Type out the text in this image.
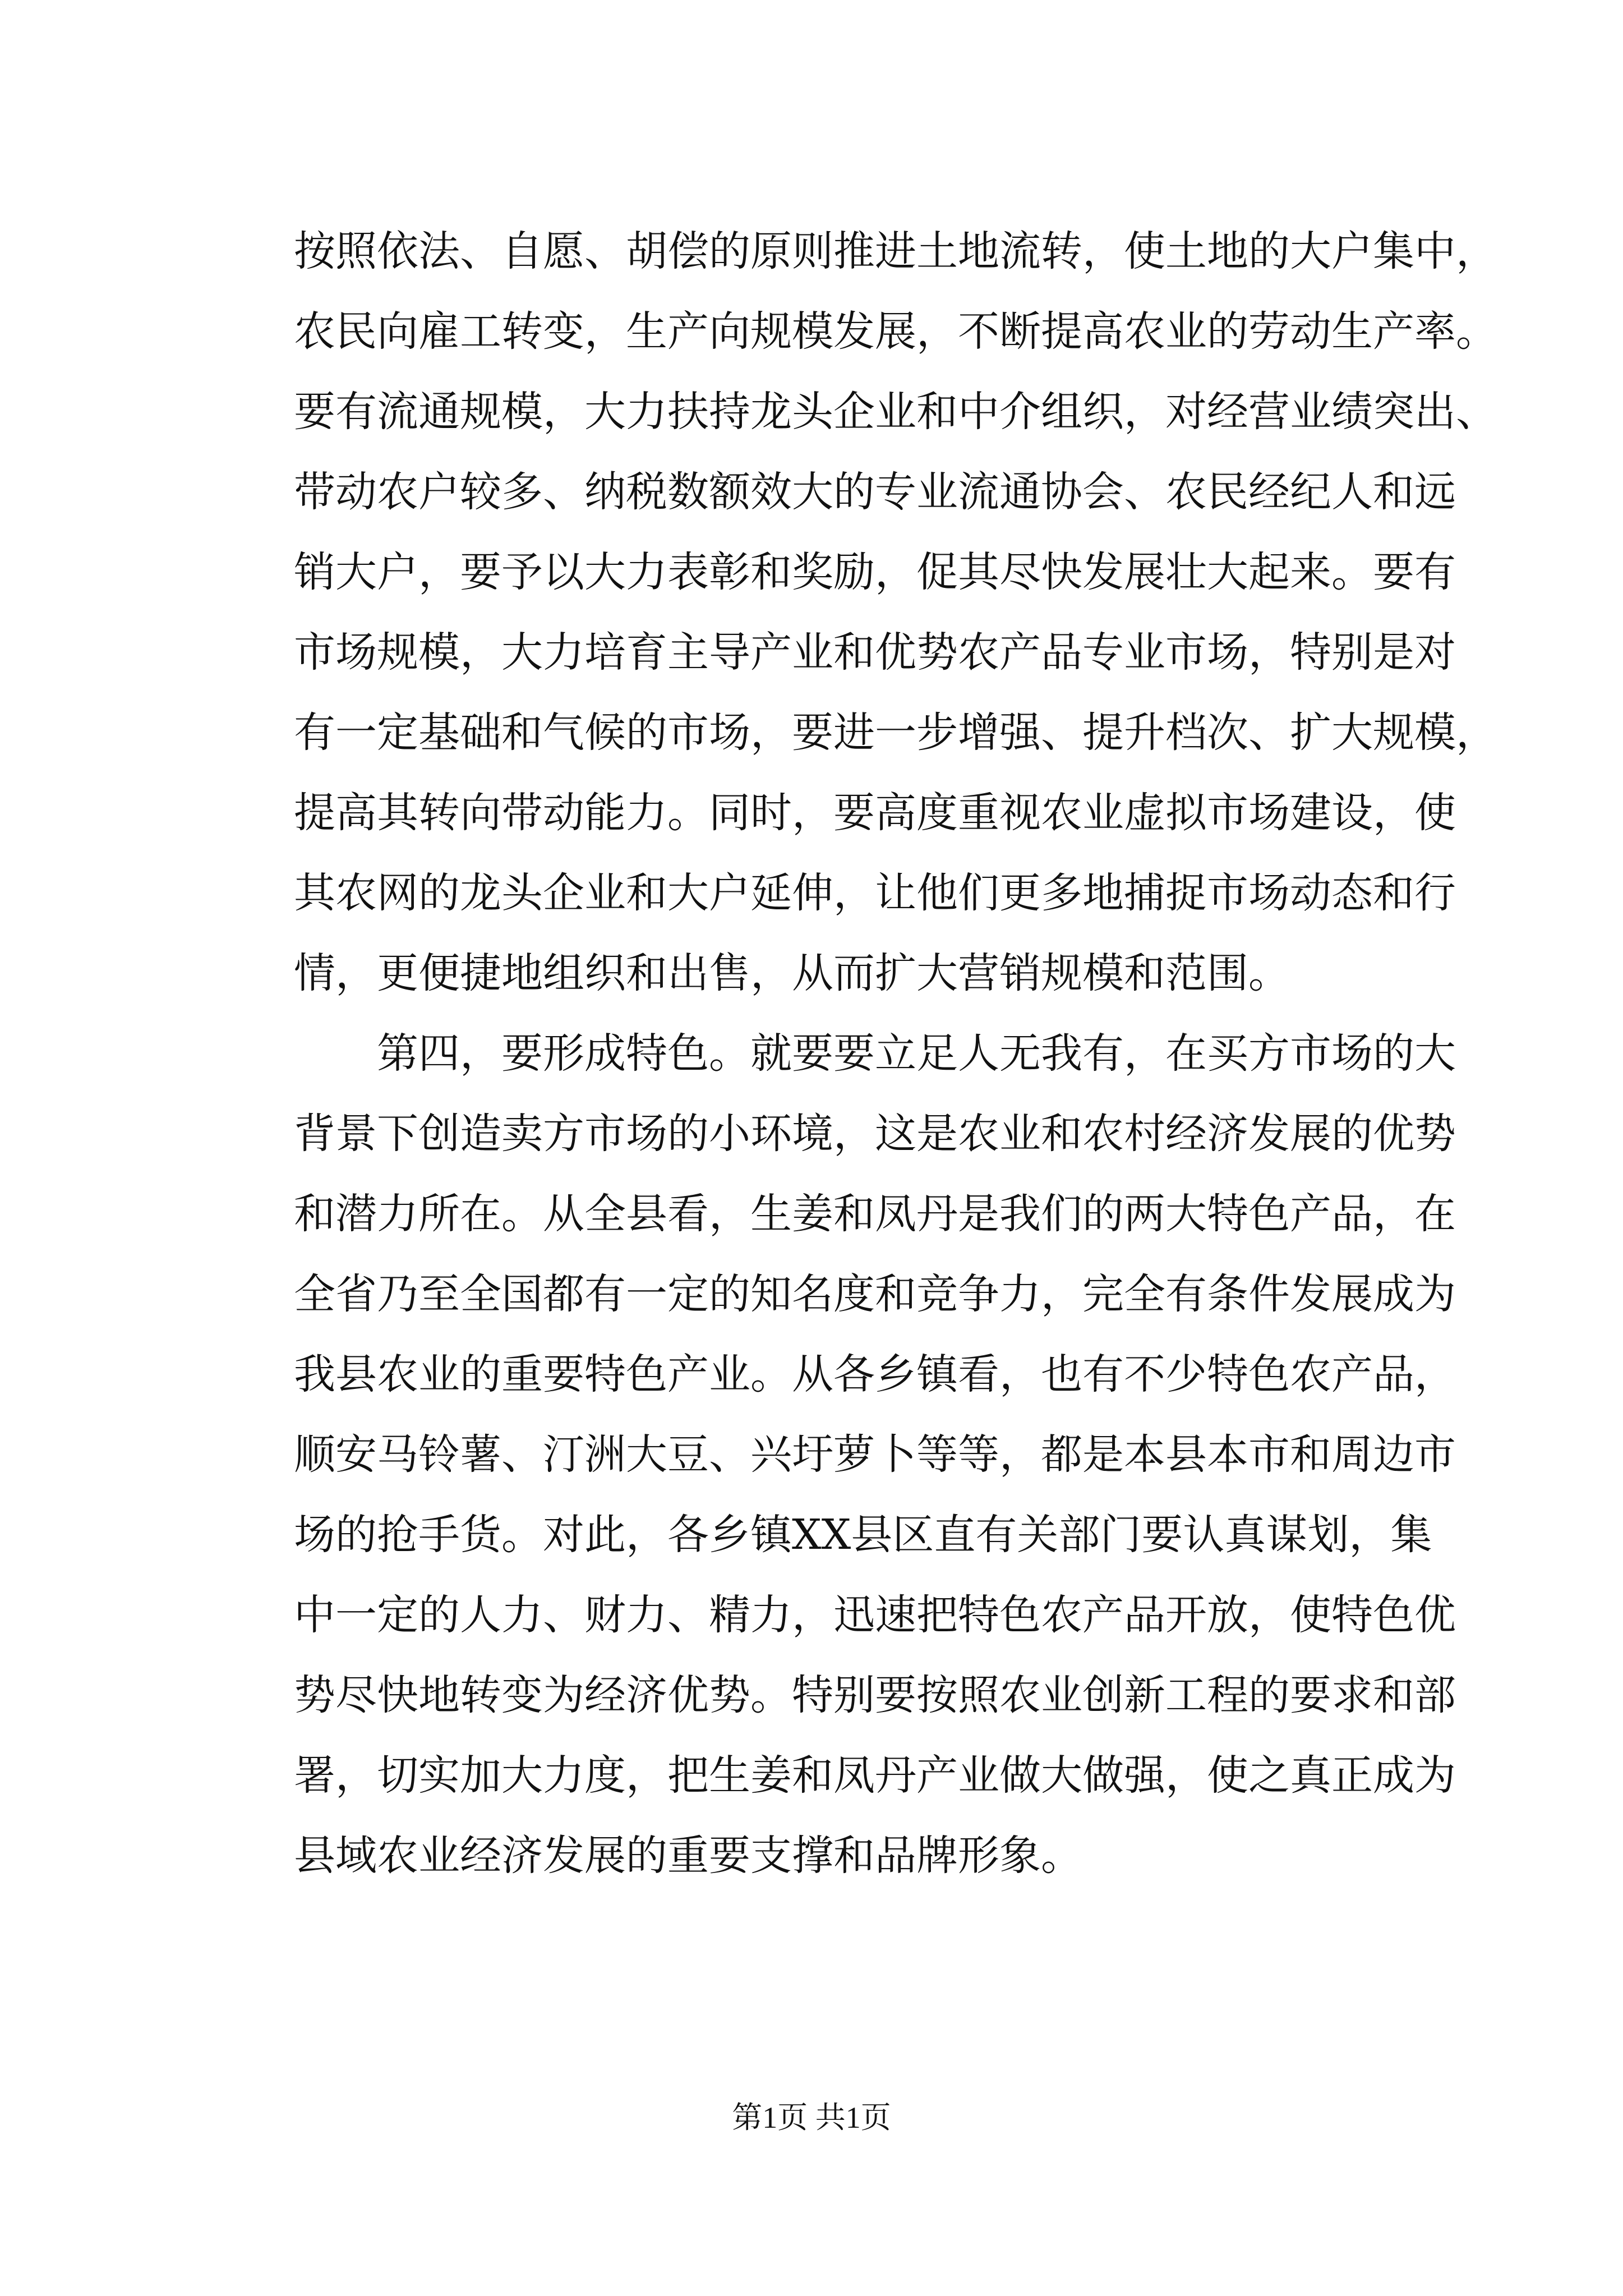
按照依法、自愿、胡偿的原则推进土地流转，使土地的大户集中，
农民向雇工转变，生产向规模发展，不断提高农业的劳动生产率。
要有流通规模，大力扶持龙头企业和中介组织，对经营业绩突出、
带动农户较多、纳税数额效大的专业流通协会、农民经纪人和远
销大户，要予以大力表彰和奖励，促其尽快发展壮大起来。要有
市场规模，大力培育主导产业和优势农产品专业市场，特别是对
有一定基础和气候的市场，要进一步增强、提升档次、扩大规模，
提高其转向带动能力。同时，要高度重视农业虚拟市场建设，使
其农网的龙头企业和大户延伸，让他们更多地捕捉市场动态和行
情，更便捷地组织和出售，从而扩大营销规模和范围。
第四，要形成特色。就要要立足人无我有，在买方市场的大
背景下创造卖方市场的小环境，这是农业和农村经济发展的优势
和潜力所在。从全县看，生姜和凤丹是我们的两大特色产品，在
全省乃至全国都有一定的知名度和竞争力，完全有条件发展成为
我县农业的重要特色产业。从各乡镇看，也有不少特色农产品，
顺安马铃薯、汀洲大豆、兴圩萝卜等等，都是本县本市和周边市
场的抢手货。对此，各乡镇XX县区直有关部门要认真谋划，集
中一定的人力、财力、精力，迅速把特色农产品开放，使特色优
势尽快地转变为经济优势。特别要按照农业创新工程的要求和部
署，切实加大力度，把生姜和凤丹产业做大做强，使之真正成为
县域农业经济发展的重要支撑和品牌形象。
第1页 共1页
